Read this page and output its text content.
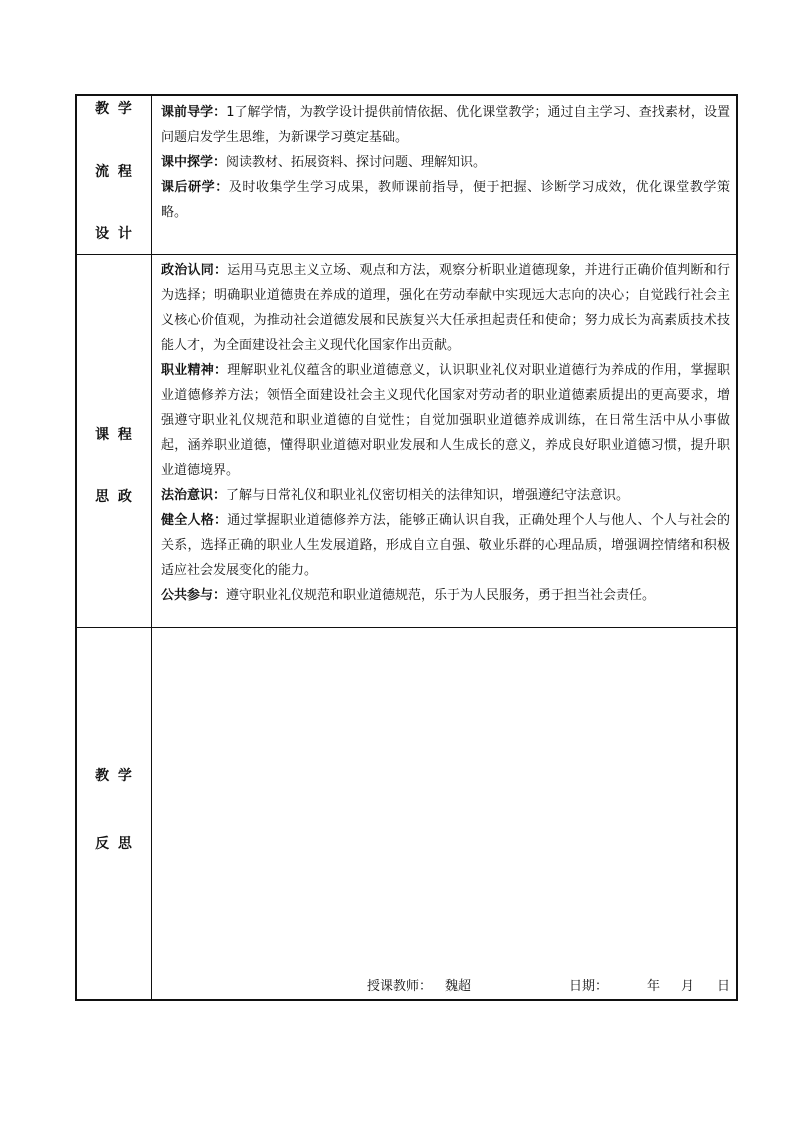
教 学
流 程
设 计

课前导学：1了解学情，为教学设计提供前情依据、优化课堂教学；通过自主学习、查找素材，设置问题启发学生思维，为新课学习奠定基础。

课中探学：阅读教材、拓展资料、探讨问题、理解知识。

课后研学：及时收集学生学习成果，教师课前指导，便于把握、诊断学习成效，优化课堂教学策略。

课 程
思 政

政治认同：运用马克思主义立场、观点和方法，观察分析职业道德现象，并进行正确价值判断和行为选择；明确职业道德贵在养成的道理，强化在劳动奉献中实现远大志向的决心；自觉践行社会主义核心价值观，为推动社会道德发展和民族复兴大任承担起责任和使命；努力成长为高素质技术技能人才，为全面建设社会主义现代化国家作出贡献。

职业精神：理解职业礼仪蕴含的职业道德意义，认识职业礼仪对职业道德行为养成的作用，掌握职业道德修养方法；领悟全面建设社会主义现代化国家对劳动者的职业道德素质提出的更高要求，增强遵守职业礼仪规范和职业道德的自觉性；自觉加强职业道德养成训练，在日常生活中从小事做起，涵养职业道德，懂得职业道德对职业发展和人生成长的意义，养成良好职业道德习惯，提升职业道德境界。

法治意识：了解与日常礼仪和职业礼仪密切相关的法律知识，增强遵纪守法意识。

健全人格：通过掌握职业道德修养方法，能够正确认识自我，正确处理个人与他人、个人与社会的关系，选择正确的职业人生发展道路，形成自立自强、敬业乐群的心理品质，增强调控情绪和积极适应社会发展变化的能力。

公共参与：遵守职业礼仪规范和职业道德规范，乐于为人民服务，勇于担当社会责任。

教 学
反 思
授课教师： 魏超	日期：	年 月 日
